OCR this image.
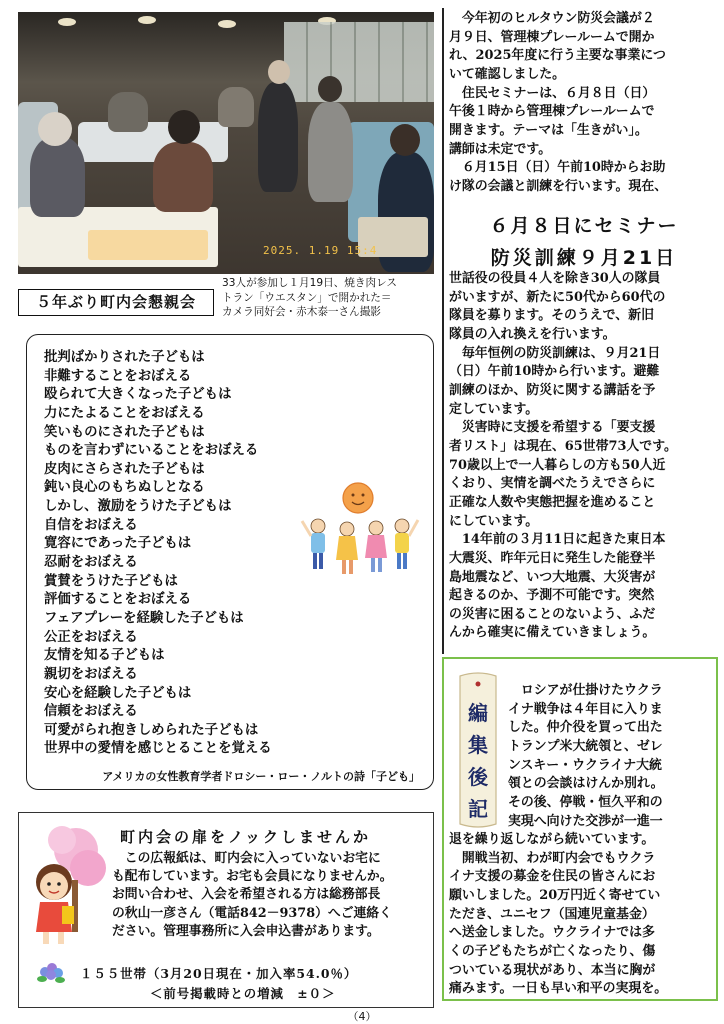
2025. 1.19 15:4
５年ぶり町内会懇親会
33人が参加し１月19日、焼き肉レス
トラン「ウエスタン」で開かれた＝
カメラ同好会・赤木泰一さん撮影
批判ばかりされた子どもは
非難することをおぼえる
殴られて大きくなった子どもは
力にたよることをおぼえる
笑いものにされた子どもは
ものを言わずにいることをおぼえる
皮肉にさらされた子どもは
鈍い良心のもちぬしとなる
しかし、激励をうけた子どもは
自信をおぼえる
寛容にであった子どもは
忍耐をおぼえる
賞賛をうけた子どもは
評価することをおぼえる
フェアプレーを経験した子どもは
公正をおぼえる
友情を知る子どもは
親切をおぼえる
安心を経験した子どもは
信頼をおぼえる
可愛がられ抱きしめられた子どもは
世界中の愛情を感じとることを覚える
アメリカの女性教育学者ドロシー・ロー・ノルトの詩「子ども」
町内会の扉をノックしませんか
　この広報紙は、町内会に入っていないお宅に
も配布しています。お宅も会員になりませんか。
お問い合わせ、入会を希望される方は総務部長
の秋山一彦さん（電話842－9378）へご連絡く
ださい。管理事務所に入会申込書があります。
１５５世帯（3月20日現在・加入率54.0％）
＜前号掲載時との増減　±０＞
　今年初のヒルタウン防災会議が２
月９日、管理棟プレールームで開か
れ、2025年度に行う主要な事業につ
いて確認しました。
　住民セミナーは、６月８日（日）
午後１時から管理棟プレールームで
開きます。テーマは「生きがい」。
講師は未定です。
　６月15日（日）午前10時からお助
け隊の会議と訓練を行います。現在、
６月８日にセミナー
防災訓練９月21日
世話役の役員４人を除き30人の隊員
がいますが、新たに50代から60代の
隊員を募ります。そのうえで、新旧
隊員の入れ換えを行います。
　毎年恒例の防災訓練は、９月21日
（日）午前10時から行います。避難
訓練のほか、防災に関する講話を予
定しています。
　災害時に支援を希望する「要支援
者リスト」は現在、65世帯73人です。
70歳以上で一人暮らしの方も50人近
くおり、実情を調べたうえでさらに
正確な人数や実態把握を進めること
にしています。
　14年前の３月11日に起きた東日本
大震災、昨年元日に発生した能登半
島地震など、いつ大地震、大災害が
起きるのか、予測不可能です。突然
の災害に困ることのないよう、ふだ
んから確実に備えていきましょう。
編
集
後
記
　ロシアが仕掛けたウクラ
イナ戦争は４年目に入りま
した。仲介役を買って出た
トランプ米大統領と、ゼレ
ンスキー・ウクライナ大統
領との会談はけんか別れ。
その後、停戦・恒久平和の
実現へ向けた交渉が一進一
退を繰り返しながら続いています。
　開戦当初、わが町内会でもウクラ
イナ支援の募金を住民の皆さんにお
願いしました。20万円近く寄せてい
ただき、ユニセフ（国連児童基金）
へ送金しました。ウクライナでは多
くの子どもたちが亡くなったり、傷
ついている現状があり、本当に胸が
痛みます。一日も早い和平の実現を。
（4）
